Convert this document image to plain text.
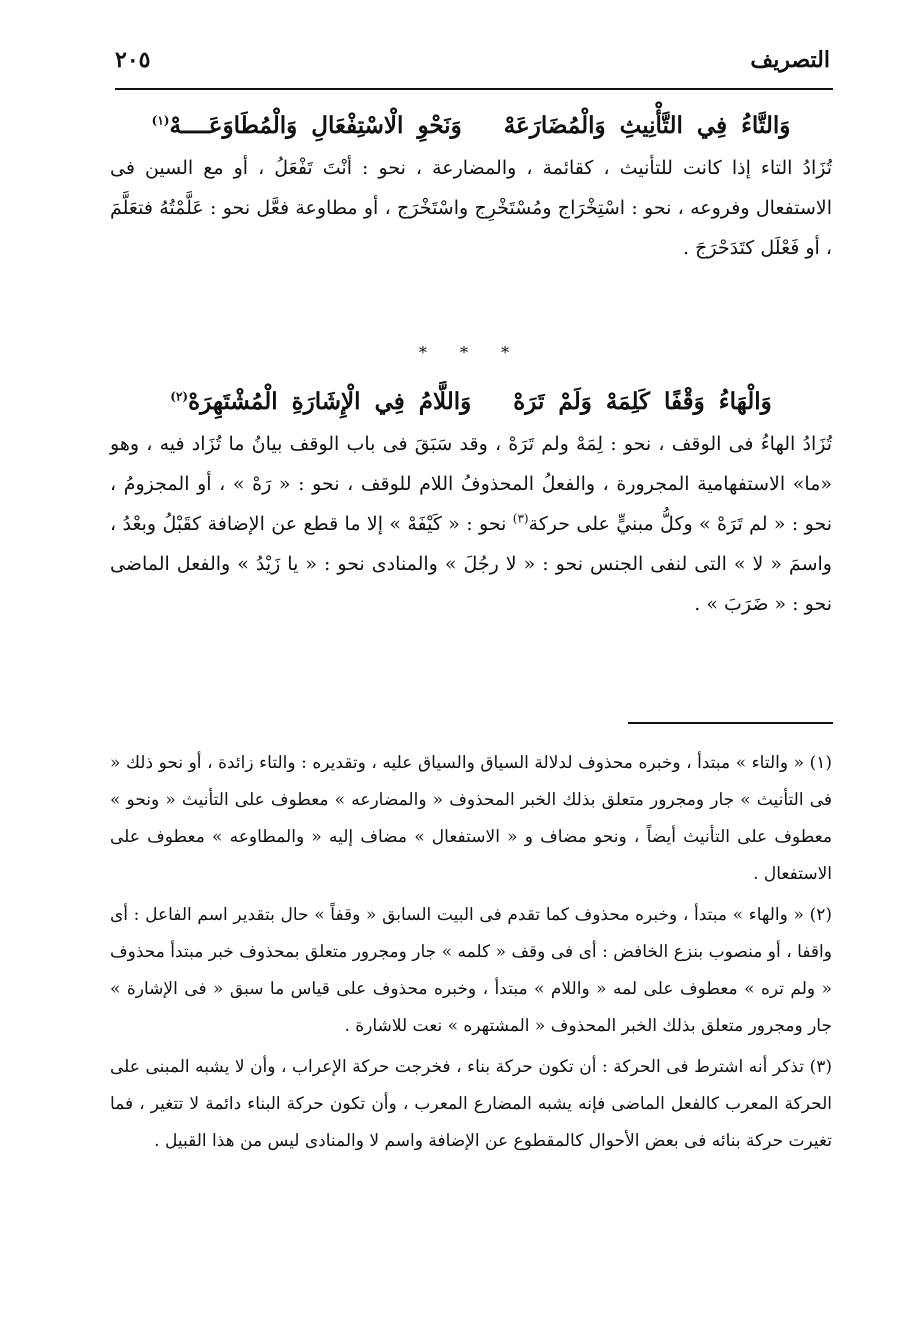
التصريف
٢٠٥
وَالتَّاءُ فِي التَّأْنِيثِ وَالْمُضَارَعَهْ وَنَحْوِ الْاسْتِفْعَالِ وَالْمُطَاوَعَــــهْ$^{(١)}$
تُزَادُ التاء إذا كانت للتأنيث ، كقائمة ، والمضارعة ، نحو : أنْتَ تَفْعَلُ ، أو مع السين فى الاستفعال وفروعه ، نحو : اسْتِخْرَاج ومُسْتَخْرِج واسْتَخْرَج ، أو مطاوعة فعَّل نحو : عَلَّمْتُهُ فتعَلَّمَ ، أو فَعْلَل كتَدَحْرَجَ .
* * *
وَالْهَاءُ وَقْفًا كَلِمَهْ وَلَمْ تَرَهْ وَاللَّامُ فِي الْإِشَارَةِ الْمُشْتَهِرَهْ$^{(٢)}$
تُزَادُ الهاءُ فى الوقف ، نحو : لِمَهْ ولم تَرَهْ ، وقد سَبَقَ فى باب الوقف بيانُ ما تُزَاد فيه ، وهو «ما» الاستفهامية المجرورة ، والفعلُ المحذوفُ اللام للوقف ، نحو : « رَهْ » ، أو المجزومُ ، نحو : « لم تَرَهْ » وكلُّ مبنيٍّ على حركة$^{(٣)}$ نحو : « كَيْفَهْ » إلا ما قطع عن الإضافة كقَبْلُ وبعْدُ ، واسمَ « لا » التى لنفى الجنس نحو : « لا رجُلَ » والمنادى نحو : « يا زَيْدُ » والفعل الماضى نحو : « ضَرَبَ » .
(١) « والتاء » مبتدأ ، وخبره محذوف لدلالة السياق والسياق عليه ، وتقديره : والتاء زائدة ، أو نحو ذلك « فى التأنيث » جار ومجرور متعلق بذلك الخبر المحذوف « والمضارعه » معطوف على التأنيث « ونحو » معطوف على التأنيث أيضاً ، ونحو مضاف و « الاستفعال » مضاف إليه « والمطاوعه » معطوف على الاستفعال .
(٢) « والهاء » مبتدأ ، وخبره محذوف كما تقدم فى البيت السابق « وقفاً » حال بتقدير اسم الفاعل : أى واقفا ، أو منصوب بنزع الخافض : أى فى وقف « كلمه » جار ومجرور متعلق بمحذوف خبر مبتدأ محذوف « ولم تره » معطوف على لمه « واللام » مبتدأ ، وخبره محذوف على قياس ما سبق « فى الإشارة » جار ومجرور متعلق بذلك الخبر المحذوف « المشتهره » نعت للاشارة .
(٣) تذكر أنه اشترط فى الحركة : أن تكون حركة بناء ، فخرجت حركة الإعراب ، وأن لا يشبه المبنى على الحركة المعرب كالفعل الماضى فإنه يشبه المضارع المعرب ، وأن تكون حركة البناء دائمة لا تتغير ، فما تغيرت حركة بنائه فى بعض الأحوال كالمقطوع عن الإضافة واسم لا والمنادى ليس من هذا القبيل .
